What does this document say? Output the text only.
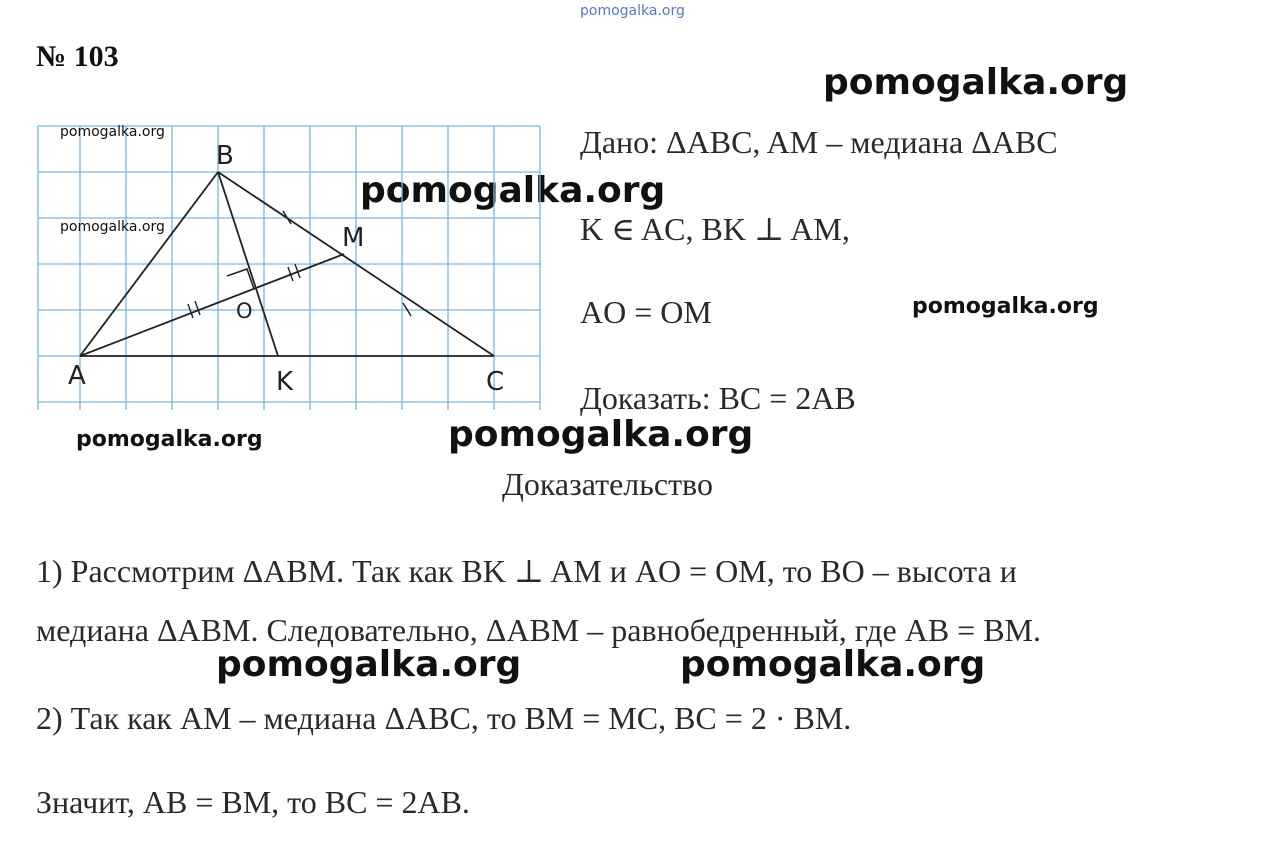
pomogalka.org
№ 103
pomogalka.org
pomogalka.org
pomogalka.org
pomogalka.org	pomogalka.org
pomogalka.org	pomogalka.org
B
M
O
A	K	C
pomogalka.org
pomogalka.org
Дано: ΔABC, AM – медиана ΔABC
K ∈ AC, BK ⊥ AM,
AO = OM
Доказать: BC = 2AB
Доказательство
1) Рассмотрим ΔABM. Так как BK ⊥ AM и AO = OM, то BO – высота и
медиана ΔABM. Следовательно, ΔABM – равнобедренный, где AB = BM.
2) Так как AM – медиана ΔABC, то BM = MC, BC = 2 · BM.
Значит, AB = BM, то BC = 2AB.
